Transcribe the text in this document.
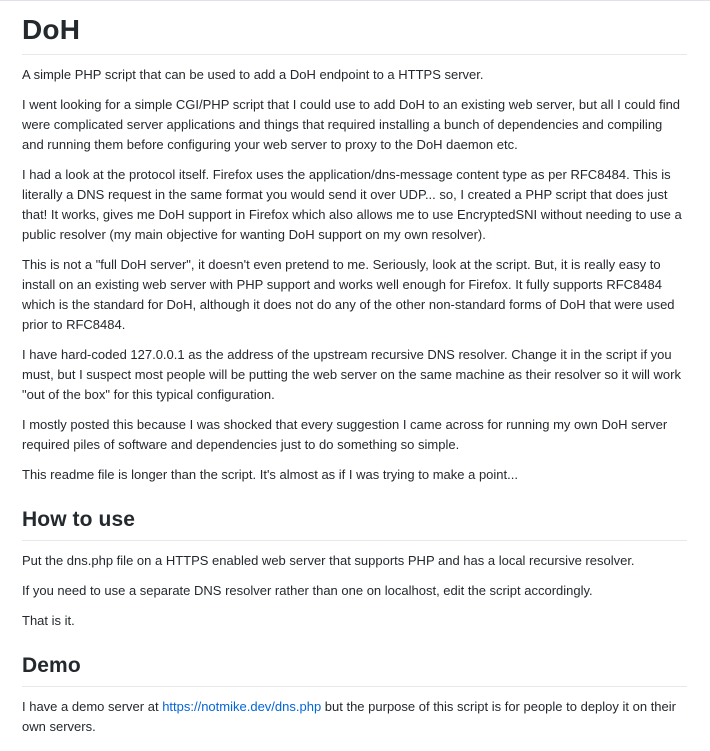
DoH

A simple PHP script that can be used to add a DoH endpoint to a HTTPS server.

I went looking for a simple CGI/PHP script that I could use to add DoH to an existing web server, but all I could find were complicated server applications and things that required installing a bunch of dependencies and compiling and running them before configuring your web server to proxy to the DoH daemon etc.

I had a look at the protocol itself. Firefox uses the application/dns-message content type as per RFC8484. This is literally a DNS request in the same format you would send it over UDP... so, I created a PHP script that does just that! It works, gives me DoH support in Firefox which also allows me to use EncryptedSNI without needing to use a public resolver (my main objective for wanting DoH support on my own resolver).

This is not a "full DoH server", it doesn't even pretend to me. Seriously, look at the script. But, it is really easy to install on an existing web server with PHP support and works well enough for Firefox. It fully supports RFC8484 which is the standard for DoH, although it does not do any of the other non-standard forms of DoH that were used prior to RFC8484.

I have hard-coded 127.0.0.1 as the address of the upstream recursive DNS resolver. Change it in the script if you must, but I suspect most people will be putting the web server on the same machine as their resolver so it will work "out of the box" for this typical configuration.

I mostly posted this because I was shocked that every suggestion I came across for running my own DoH server required piles of software and dependencies just to do something so simple.

This readme file is longer than the script. It's almost as if I was trying to make a point...

How to use

Put the dns.php file on a HTTPS enabled web server that supports PHP and has a local recursive resolver.

If you need to use a separate DNS resolver rather than one on localhost, edit the script accordingly.

That is it.

Demo

I have a demo server at https://notmike.dev/dns.php but the purpose of this script is for people to deploy it on their own servers.
